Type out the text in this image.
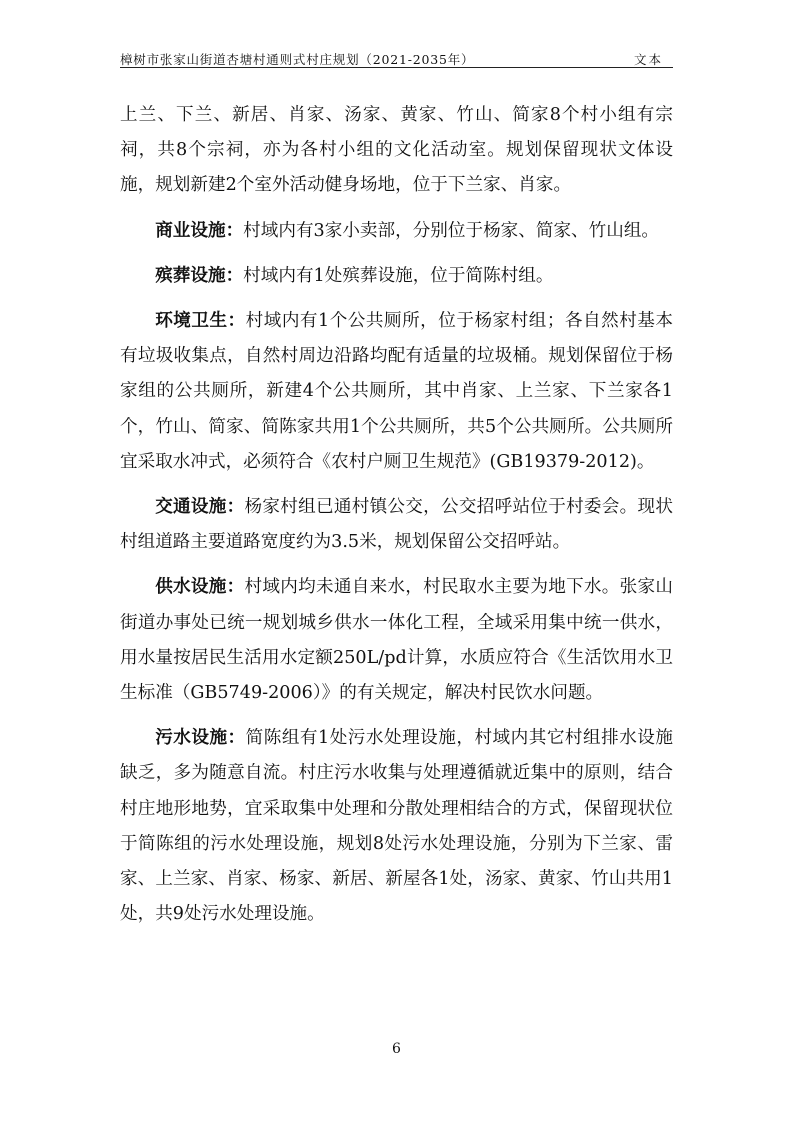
樟树市张家山街道杏塘村通则式村庄规划（2021-2035年）	文本

上兰、下兰、新居、肖家、汤家、黄家、竹山、简家8个村小组有宗祠，共8个宗祠，亦为各村小组的文化活动室。规划保留现状文体设施，规划新建2个室外活动健身场地，位于下兰家、肖家。

商业设施：村域内有3家小卖部，分别位于杨家、简家、竹山组。

殡葬设施：村域内有1处殡葬设施，位于简陈村组。

环境卫生：村域内有1个公共厕所，位于杨家村组；各自然村基本有垃圾收集点，自然村周边沿路均配有适量的垃圾桶。规划保留位于杨家组的公共厕所，新建4个公共厕所，其中肖家、上兰家、下兰家各1个，竹山、简家、简陈家共用1个公共厕所，共5个公共厕所。公共厕所宜采取水冲式，必须符合《农村户厕卫生规范》(GB19379-2012)。

交通设施：杨家村组已通村镇公交，公交招呼站位于村委会。现状村组道路主要道路宽度约为3.5米，规划保留公交招呼站。

供水设施：村域内均未通自来水，村民取水主要为地下水。张家山街道办事处已统一规划城乡供水一体化工程，全域采用集中统一供水，用水量按居民生活用水定额250L/pd计算，水质应符合《生活饮用水卫生标准（GB5749-2006）》的有关规定，解决村民饮水问题。

污水设施：简陈组有1处污水处理设施，村域内其它村组排水设施缺乏，多为随意自流。村庄污水收集与处理遵循就近集中的原则，结合村庄地形地势，宜采取集中处理和分散处理相结合的方式，保留现状位于简陈组的污水处理设施，规划8处污水处理设施，分别为下兰家、雷家、上兰家、肖家、杨家、新居、新屋各1处，汤家、黄家、竹山共用1处，共9处污水处理设施。

6
